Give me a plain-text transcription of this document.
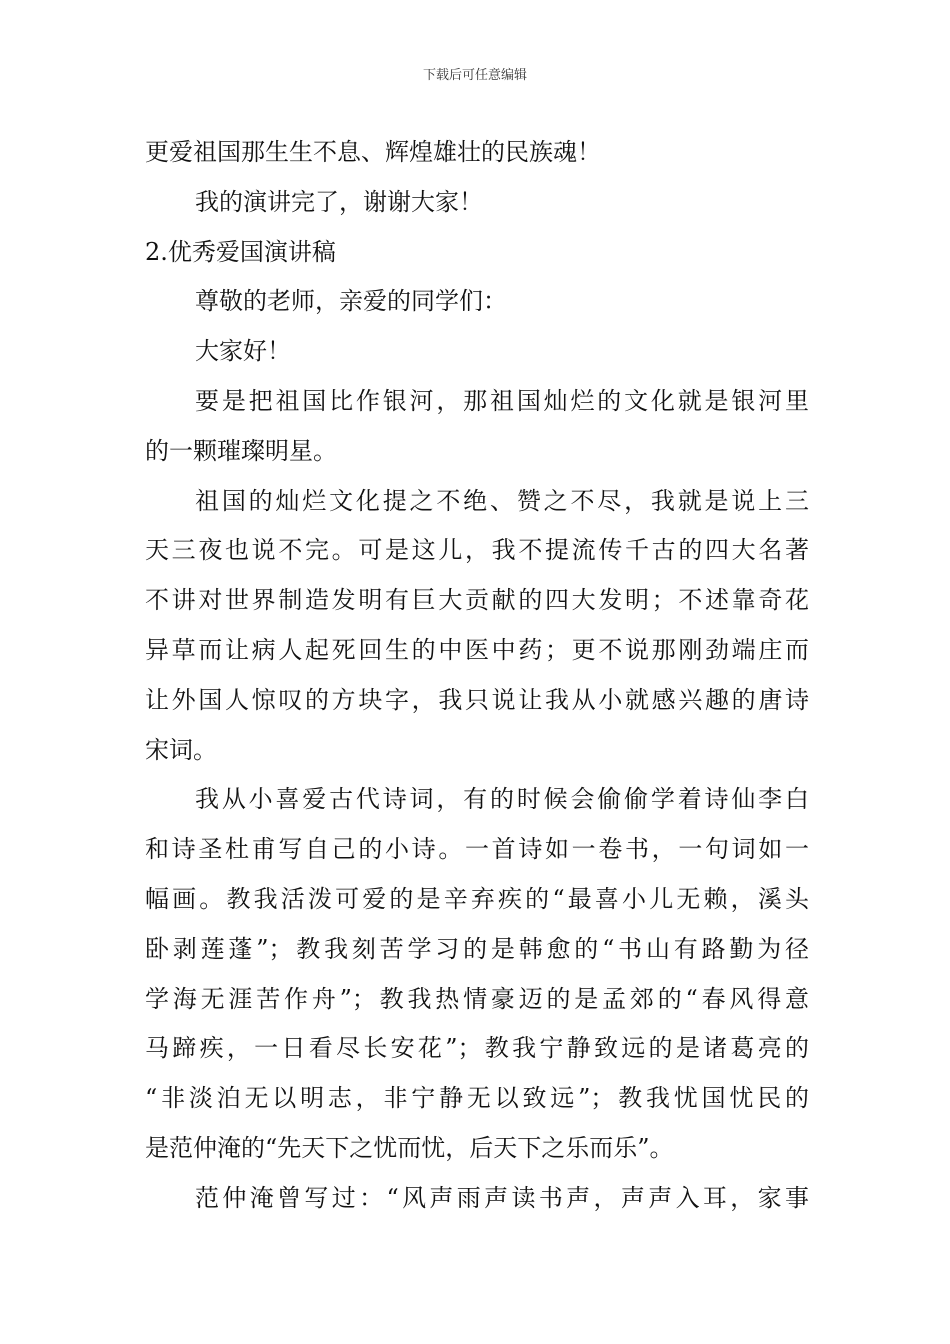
下载后可任意编辑
更爱祖国那生生不息、辉煌雄壮的民族魂！
我的演讲完了，谢谢大家！
2.优秀爱国演讲稿
尊敬的老师，亲爱的同学们：
大家好！
要是把祖国比作银河，那祖国灿烂的文化就是银河里
的一颗璀璨明星。
祖国的灿烂文化提之不绝、赞之不尽，我就是说上三
天三夜也说不完。可是这儿，我不提流传千古的四大名著
不讲对世界制造发明有巨大贡献的四大发明；不述靠奇花
异草而让病人起死回生的中医中药；更不说那刚劲端庄而
让外国人惊叹的方块字，我只说让我从小就感兴趣的唐诗
宋词。
我从小喜爱古代诗词，有的时候会偷偷学着诗仙李白
和诗圣杜甫写自己的小诗。一首诗如一卷书，一句词如一
幅画。教我活泼可爱的是辛弃疾的“最喜小儿无赖，溪头
卧剥莲蓬”；教我刻苦学习的是韩愈的“书山有路勤为径
学海无涯苦作舟”；教我热情豪迈的是孟郊的“春风得意
马蹄疾，一日看尽长安花”；教我宁静致远的是诸葛亮的
“非淡泊无以明志，非宁静无以致远”；教我忧国忧民的
是范仲淹的“先天下之忧而忧，后天下之乐而乐”。
范仲淹曾写过：“风声雨声读书声，声声入耳，家事
